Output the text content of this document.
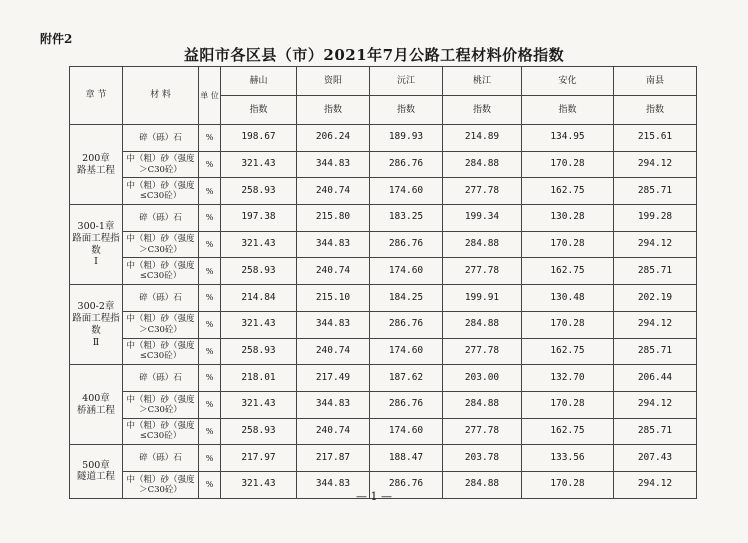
附件2
益阳市各区县（市）2021年7月公路工程材料价格指数
章 节	材 料	单 位	赫山	资阳	沅江	桃江	安化	南县
			指数	指数	指数	指数	指数	指数
200章
路基工程	碎（砾）石	%	198.67	206.24	189.93	214.89	134.95	215.61
	中（粗）砂（强度＞C30砼）	%	321.43	344.83	286.76	284.88	170.28	294.12
	中（粗）砂（强度≤C30砼）	%	258.93	240.74	174.60	277.78	162.75	285.71
300-1章
路面工程指数
Ⅰ	碎（砾）石	%	197.38	215.80	183.25	199.34	130.28	199.28
	中（粗）砂（强度＞C30砼）	%	321.43	344.83	286.76	284.88	170.28	294.12
	中（粗）砂（强度≤C30砼）	%	258.93	240.74	174.60	277.78	162.75	285.71
300-2章
路面工程指数
Ⅱ	碎（砾）石	%	214.84	215.10	184.25	199.91	130.48	202.19
	中（粗）砂（强度＞C30砼）	%	321.43	344.83	286.76	284.88	170.28	294.12
	中（粗）砂（强度≤C30砼）	%	258.93	240.74	174.60	277.78	162.75	285.71
400章
桥涵工程	碎（砾）石	%	218.01	217.49	187.62	203.00	132.70	206.44
	中（粗）砂（强度＞C30砼）	%	321.43	344.83	286.76	284.88	170.28	294.12
	中（粗）砂（强度≤C30砼）	%	258.93	240.74	174.60	277.78	162.75	285.71
500章
隧道工程	碎（砾）石	%	217.97	217.87	188.47	203.78	133.56	207.43
	中（粗）砂（强度＞C30砼）	%	321.43	344.83	286.76	284.88	170.28	294.12
— 1 —
